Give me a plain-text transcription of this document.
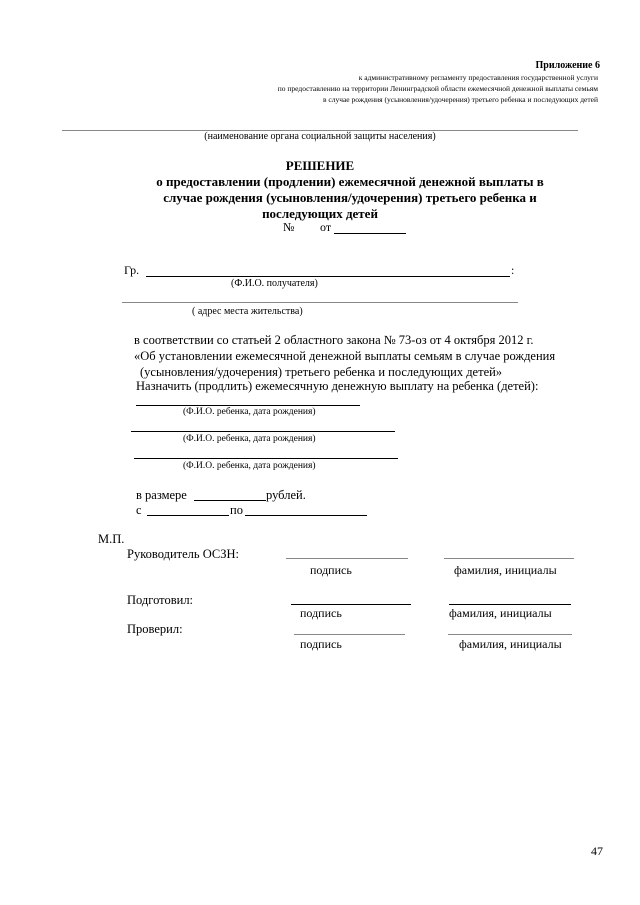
Приложение 6
к административному регламенту предоставления государственной услуги
по предоставлению на территории Ленинградской области ежемесячной денежной выплаты семьям
в случае рождения (усыновления/удочерения) третьего ребенка и последующих детей
(наименование органа социальной защиты населения)
РЕШЕНИЕ
о предоставлении (продлении) ежемесячной денежной выплаты в
случае рождения (усыновления/удочерения) третьего ребенка и
последующих детей
№ от
Гр.	:
(Ф.И.О. получателя)
( адрес места жительства)
в соответствии со статьей 2 областного закона № 73-оз от 4 октября 2012 г.
«Об установлении ежемесячной денежной выплаты семьям в случае рождения
(усыновления/удочерения) третьего ребенка и последующих детей»
Назначить (продлить) ежемесячную денежную выплату на ребенка (детей):
(Ф.И.О. ребенка, дата рождения)
(Ф.И.О. ребенка, дата рождения)
(Ф.И.О. ребенка, дата рождения)
в размере	рублей.
с	по
М.П.
Руководитель ОСЗН:
подпись	фамилия, инициалы
Подготовил:
подпись	фамилия, инициалы
Проверил:
подпись	фамилия, инициалы
47
